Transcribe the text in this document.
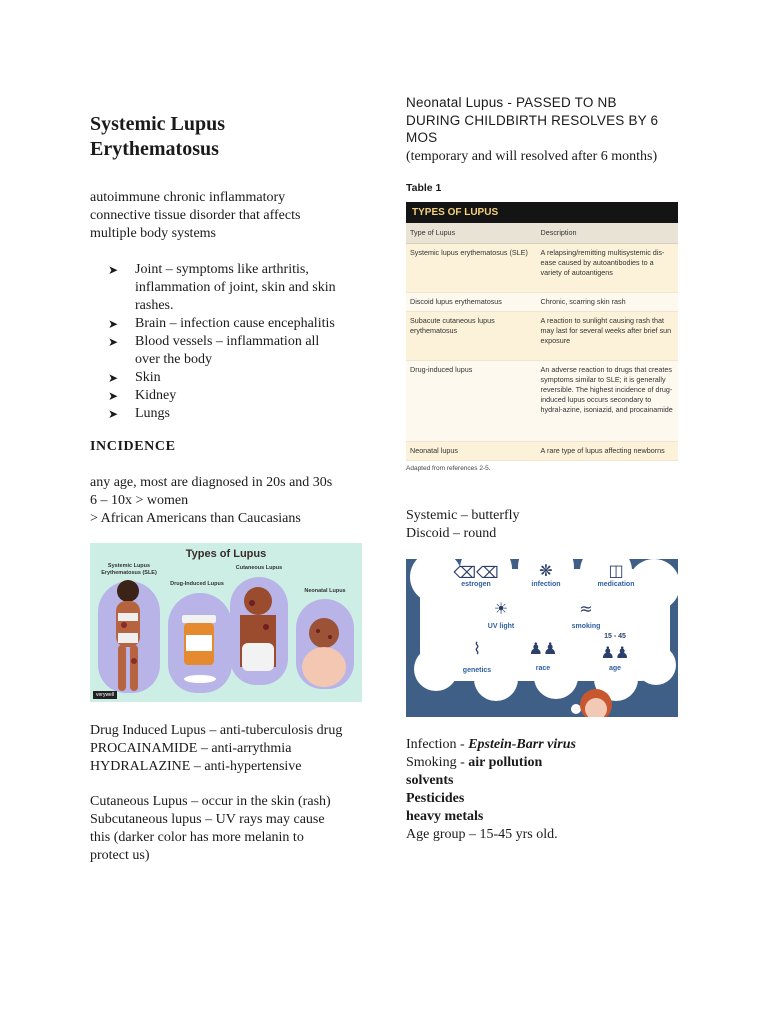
Systemic Lupus
Erythematosus
autoimmune chronic inflammatory
connective tissue disorder that affects
multiple body systems
➤ Joint – symptoms like arthritis,
inflammation of joint, skin and skin
rashes.
➤ Brain – infection cause encephalitis
➤ Blood vessels – inflammation all
over the body
➤ Skin
➤ Kidney
➤ Lungs
INCIDENCE
any age, most are diagnosed in 20s and 30s
6 – 10x > women
> African Americans than Caucasians
Types of Lupus
Systemic Lupus Erythematosus (SLE)
Drug-Induced Lupus
Cutaneous Lupus
Neonatal Lupus
verywell
Drug Induced Lupus – anti-tuberculosis drug
PROCAINAMIDE – anti-arrythmia
HYDRALAZINE – anti-hypertensive
Cutaneous Lupus – occur in the skin (rash)
Subcutaneous lupus – UV rays may cause
this (darker color has more melanin to
protect us)
Neonatal Lupus - PASSED TO NB
DURING CHILDBIRTH RESOLVES BY 6
MOS
(temporary and will resolved after 6 months)
Table 1
TYPES OF LUPUS
Type of Lupus	Description
Systemic lupus erythematosus (SLE)	A relapsing/remitting multisystemic dis-ease caused by autoantibodies to a variety of autoantigens
Discoid lupus erythematosus	Chronic, scarring skin rash
Subacute cutaneous lupus erythematosus	A reaction to sunlight causing rash that may last for several weeks after brief sun exposure
Drug-induced lupus	An adverse reaction to drugs that creates symptoms similar to SLE; it is generally reversible. The highest incidence of drug-induced lupus occurs secondary to hydral-azine, isoniazid, and procainamide
Neonatal lupus	A rare type of lupus affecting newborns
Adapted from references 2-5.
Systemic – butterfly
Discoid – round
⌫⌫
estrogen
❋
infection
◫
medication
☀
UV light
≈
smoking
⌇
genetics
♟♟
race
15 - 45
♟♟
age
Infection - Epstein-Barr virus
Smoking - air pollution
solvents
Pesticides
heavy metals
Age group – 15-45 yrs old.
